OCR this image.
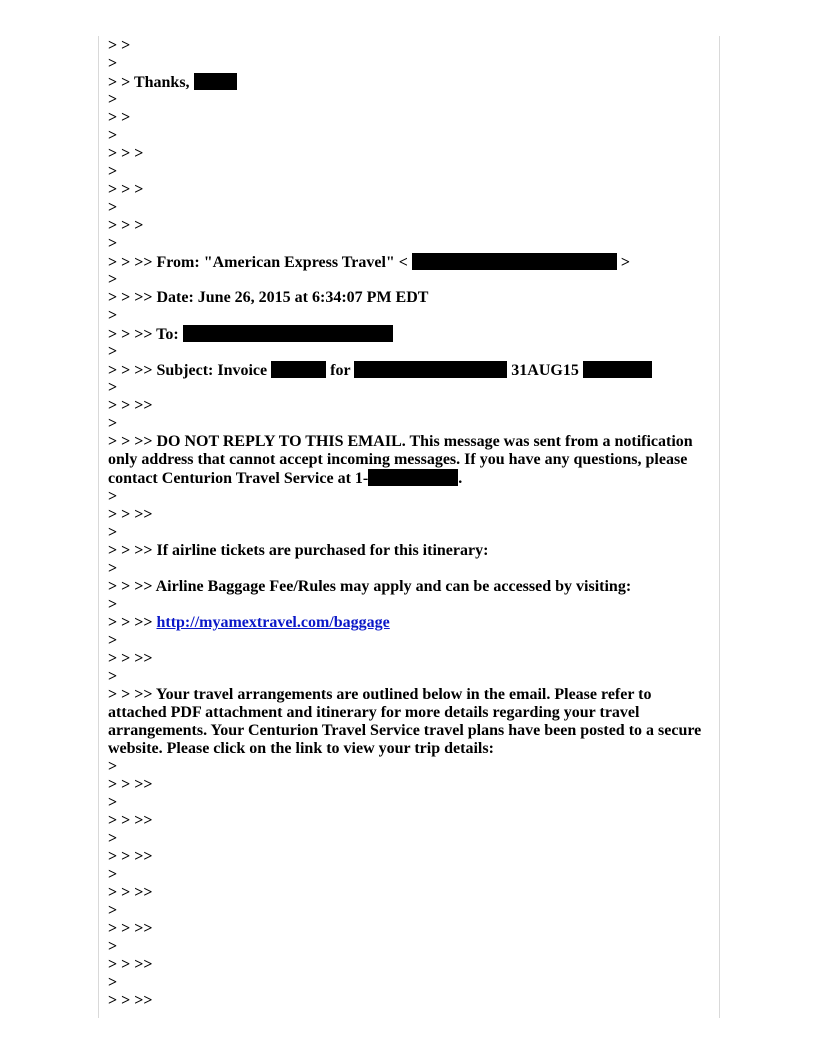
> >
>
> > Thanks,
>
> >
>
> > >
>
> > >
>
> > >
>
> > >> From: "American Express Travel" <	>
>
> > >> Date: June 26, 2015 at 6:34:07 PM EDT
>
> > >> To:
>
> > >> Subject: Invoice	for	31AUG15
>
> > >>
>
> > >> DO NOT REPLY TO THIS EMAIL. This message was sent from a notification only address that cannot accept incoming messages. If you have any questions, please contact Centurion Travel Service at 1-	.
>
> > >>
>
> > >> If airline tickets are purchased for this itinerary:
>
> > >> Airline Baggage Fee/Rules may apply and can be accessed by visiting:
>
> > >> http://myamextravel.com/baggage
>
> > >>
>
> > >> Your travel arrangements are outlined below in the email. Please refer to attached PDF attachment and itinerary for more details regarding your travel arrangements. Your Centurion Travel Service travel plans have been posted to a secure website. Please click on the link to view your trip details:
>
> > >>
>
> > >>
>
> > >>
>
> > >>
>
> > >>
>
> > >>
>
> > >>
